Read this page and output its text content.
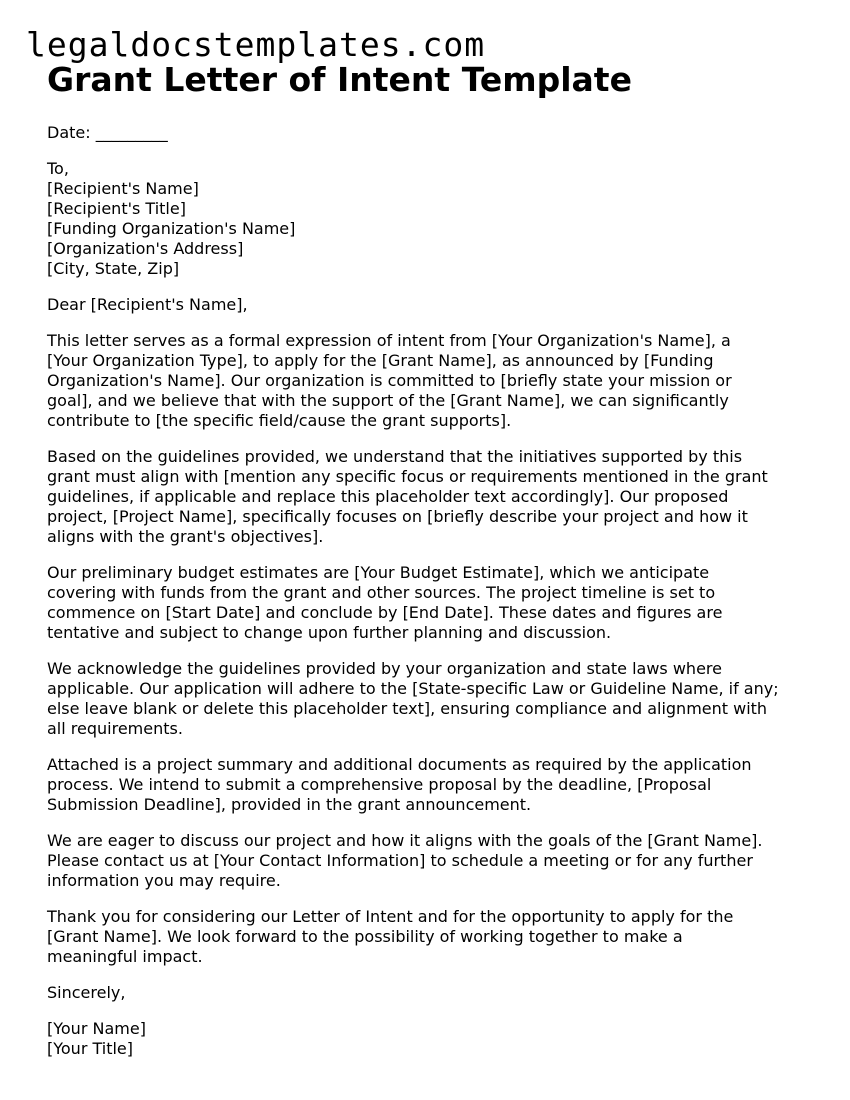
legaldocstemplates.com
Grant Letter of Intent Template

Date: _________

To,
[Recipient's Name]
[Recipient's Title]
[Funding Organization's Name]
[Organization's Address]
[City, State, Zip]

Dear [Recipient's Name],

This letter serves as a formal expression of intent from [Your Organization's Name], a
[Your Organization Type], to apply for the [Grant Name], as announced by [Funding
Organization's Name]. Our organization is committed to [briefly state your mission or
goal], and we believe that with the support of the [Grant Name], we can significantly
contribute to [the specific field/cause the grant supports].

Based on the guidelines provided, we understand that the initiatives supported by this
grant must align with [mention any specific focus or requirements mentioned in the grant
guidelines, if applicable and replace this placeholder text accordingly]. Our proposed
project, [Project Name], specifically focuses on [briefly describe your project and how it
aligns with the grant's objectives].

Our preliminary budget estimates are [Your Budget Estimate], which we anticipate
covering with funds from the grant and other sources. The project timeline is set to
commence on [Start Date] and conclude by [End Date]. These dates and figures are
tentative and subject to change upon further planning and discussion.

We acknowledge the guidelines provided by your organization and state laws where
applicable. Our application will adhere to the [State-specific Law or Guideline Name, if any;
else leave blank or delete this placeholder text], ensuring compliance and alignment with
all requirements.

Attached is a project summary and additional documents as required by the application
process. We intend to submit a comprehensive proposal by the deadline, [Proposal
Submission Deadline], provided in the grant announcement.

We are eager to discuss our project and how it aligns with the goals of the [Grant Name].
Please contact us at [Your Contact Information] to schedule a meeting or for any further
information you may require.

Thank you for considering our Letter of Intent and for the opportunity to apply for the
[Grant Name]. We look forward to the possibility of working together to make a
meaningful impact.

Sincerely,

[Your Name]
[Your Title]
